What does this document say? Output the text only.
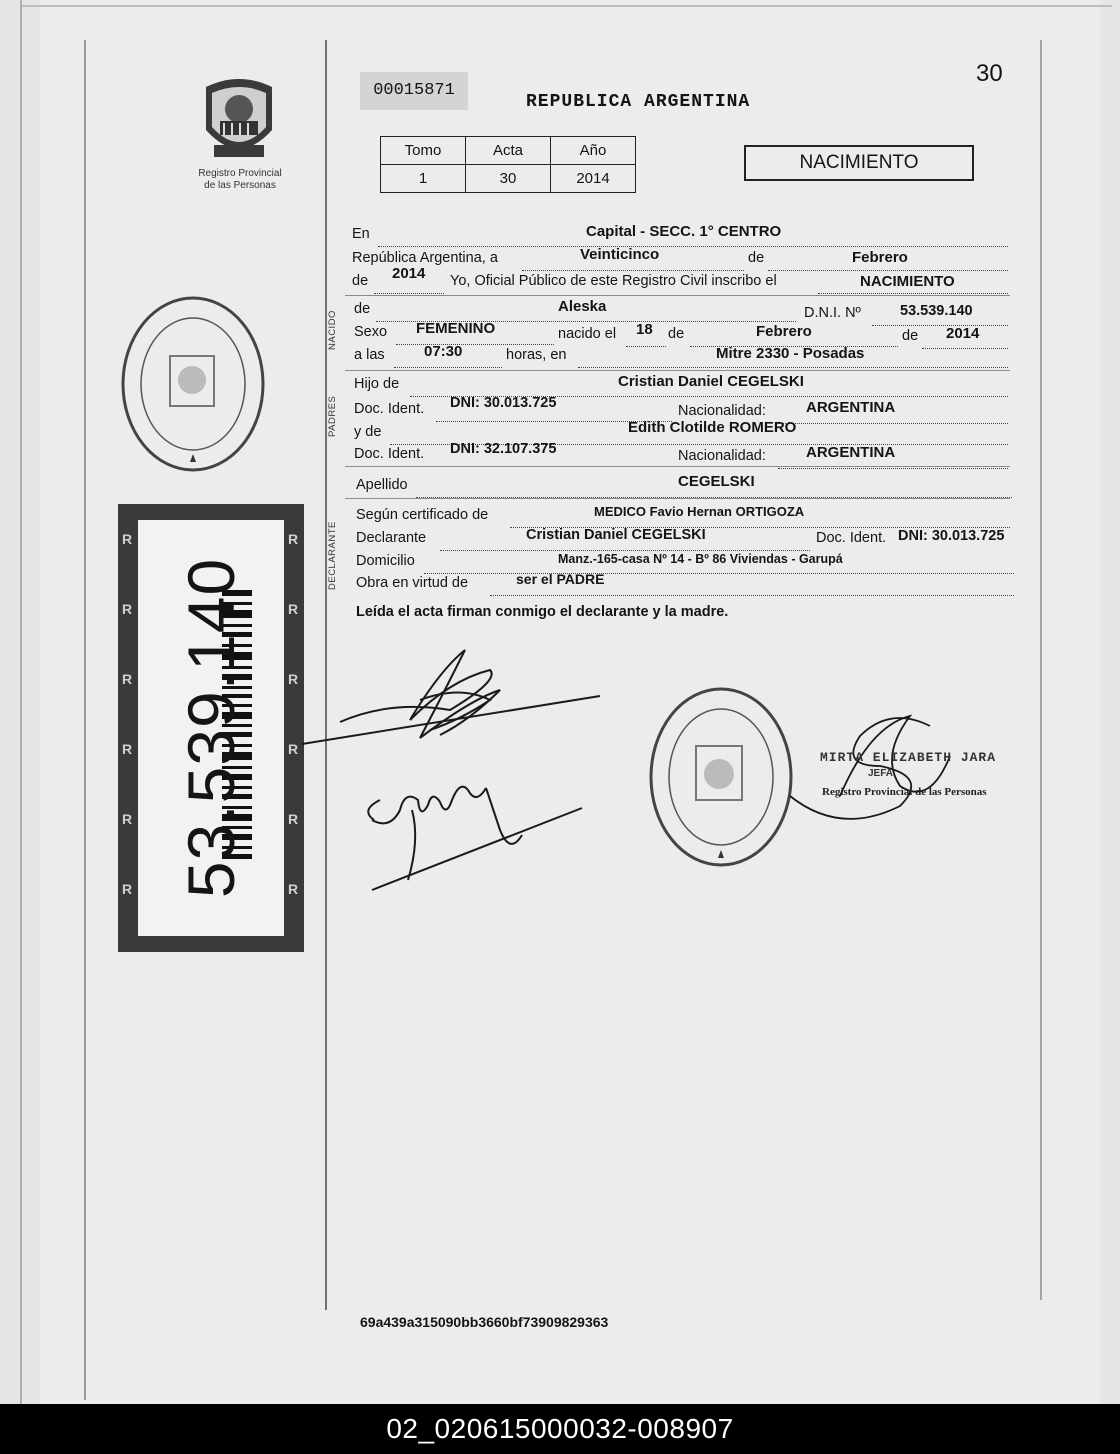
30
00015871
REPUBLICA ARGENTINA
Registro Provincial
de las Personas
Tomo	Acta	Año
1	30	2014
NACIMIENTO
NACIDO
PADRES
DECLARANTE
En	Capital - SECC. 1° CENTRO
República Argentina, a	Veinticinco	de	Febrero
de 2014 Yo, Oficial Público de este Registro Civil inscribo el	NACIMIENTO
de	Aleska	D.N.I. Nº	53.539.140
Sexo FEMENINO	nacido el 18 de	Febrero	de 2014
a las	07:30	horas, en	Mitre 2330 - Posadas
Hijo de	Cristian Daniel CEGELSKI
Doc. Ident. DNI: 30.013.725	Nacionalidad:	ARGENTINA
y de	Edith Clotilde ROMERO
Doc. Ident. DNI: 32.107.375	Nacionalidad:	ARGENTINA
Apellido	CEGELSKI
Según certificado de	MEDICO Favio Hernan ORTIGOZA
Declarante	Cristian Daniel CEGELSKI	Doc. Ident. DNI: 30.013.725
Domicilio	Manz.-165-casa Nº 14 - Bº 86 Viviendas - Garupá
Obra en virtud de	ser el PADRE
Leída el acta firman conmigo el declarante y la madre.
R
R
R
R
R
R
R
R
R
R
R
R
53.539.140	MIRTA ELIZABETH JARA
JEFA
Registro Provincial de las Personas
69a439a315090bb3660bf73909829363
02_020615000032-008907
